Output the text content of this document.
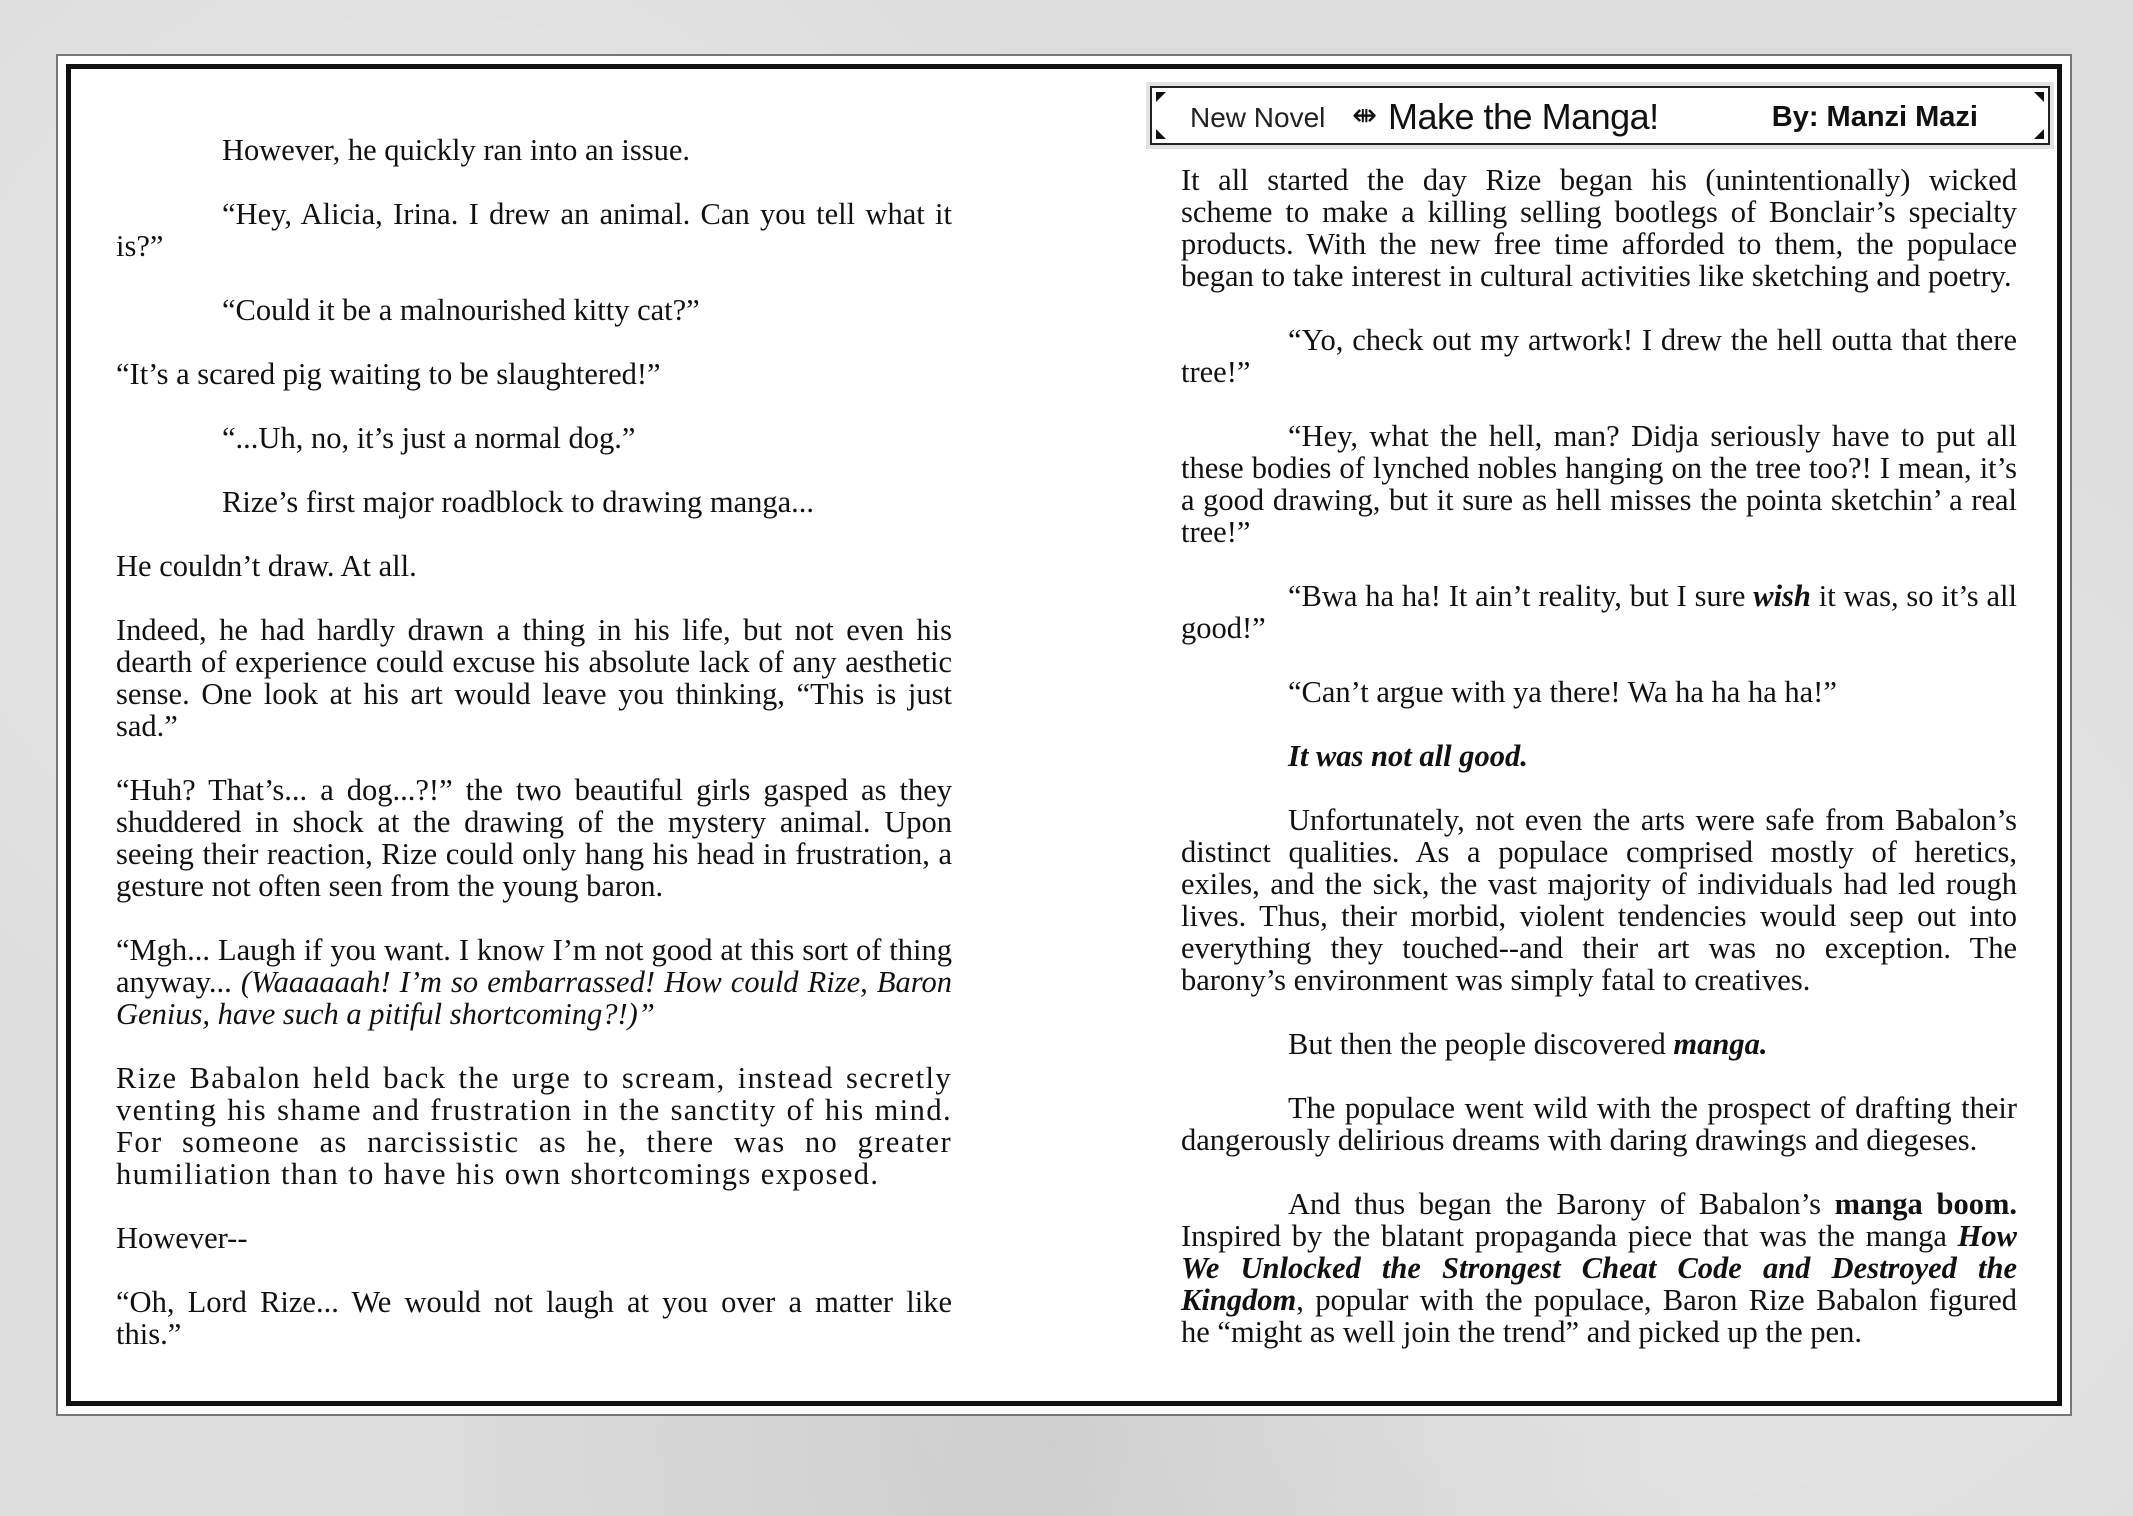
New Novel ⇼ Make the Manga!	By: Manzi Mazi

However, he quickly ran into an issue.

“Hey, Alicia, Irina. I drew an animal. Can you tell what it is?”

“Could it be a malnourished kitty cat?”

“It’s a scared pig waiting to be slaughtered!”

“...Uh, no, it’s just a normal dog.”

Rize’s first major roadblock to drawing manga...

He couldn’t draw. At all.

Indeed, he had hardly drawn a thing in his life, but not even his dearth of experience could excuse his absolute lack of any aesthetic sense. One look at his art would leave you thinking, “This is just sad.”

“Huh? That’s... a dog...?!” the two beautiful girls gasped as they shuddered in shock at the drawing of the mystery animal. Upon seeing their reaction, Rize could only hang his head in frustration, a gesture not often seen from the young baron.

“Mgh... Laugh if you want. I know I’m not good at this sort of thing anyway... (Waaaaaah! I’m so embarrassed! How could Rize, Baron Genius, have such a pitiful shortcoming?!)”

Rize Babalon held back the urge to scream, instead secretly venting his shame and frustration in the sanctity of his mind. For someone as narcissistic as he, there was no greater humiliation than to have his own shortcomings exposed.

However--

“Oh, Lord Rize... We would not laugh at you over a matter like this.”

It all started the day Rize began his (unintentionally) wicked scheme to make a killing selling bootlegs of Bonclair’s specialty products. With the new free time afforded to them, the populace began to take interest in cultural activities like sketching and poetry.

“Yo, check out my artwork! I drew the hell outta that there tree!”

“Hey, what the hell, man? Didja seriously have to put all these bodies of lynched nobles hanging on the tree too?! I mean, it’s a good drawing, but it sure as hell misses the pointa sketchin’ a real tree!”

“Bwa ha ha! It ain’t reality, but I sure wish it was, so it’s all good!”

“Can’t argue with ya there! Wa ha ha ha ha!”

It was not all good.

Unfortunately, not even the arts were safe from Babalon’s distinct qualities. As a populace comprised mostly of heretics, exiles, and the sick, the vast majority of individuals had led rough lives. Thus, their morbid, violent tendencies would seep out into everything they touched--and their art was no exception. The barony’s environment was simply fatal to creatives.

But then the people discovered manga.

The populace went wild with the prospect of drafting their dangerously delirious dreams with daring drawings and diegeses.

And thus began the Barony of Babalon’s manga boom. Inspired by the blatant propaganda piece that was the manga How We Unlocked the Strongest Cheat Code and Destroyed the Kingdom, popular with the populace, Baron Rize Babalon figured he “might as well join the trend” and picked up the pen.
